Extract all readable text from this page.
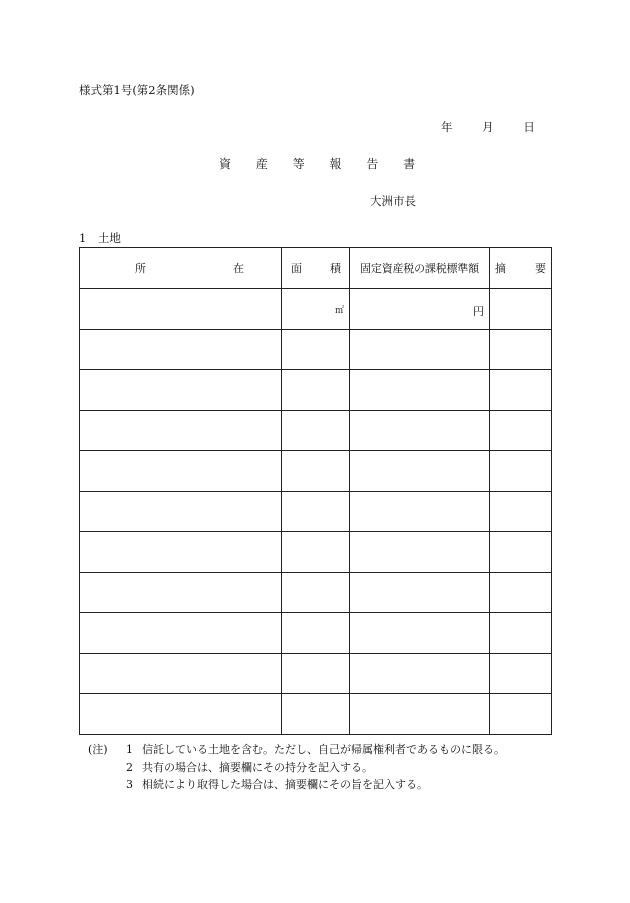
様式第1号(第2条関係)
年	月	日
資 産 等 報 告 書
大洲市長
1　土地
所 在	面 積	固定資産税の課税標準額	摘 要

	㎡	円	

(注) 1 信託している土地を含む。ただし、自己が帰属権利者であるものに限る。
2 共有の場合は、摘要欄にその持分を記入する。
3 相続により取得した場合は、摘要欄にその旨を記入する。
